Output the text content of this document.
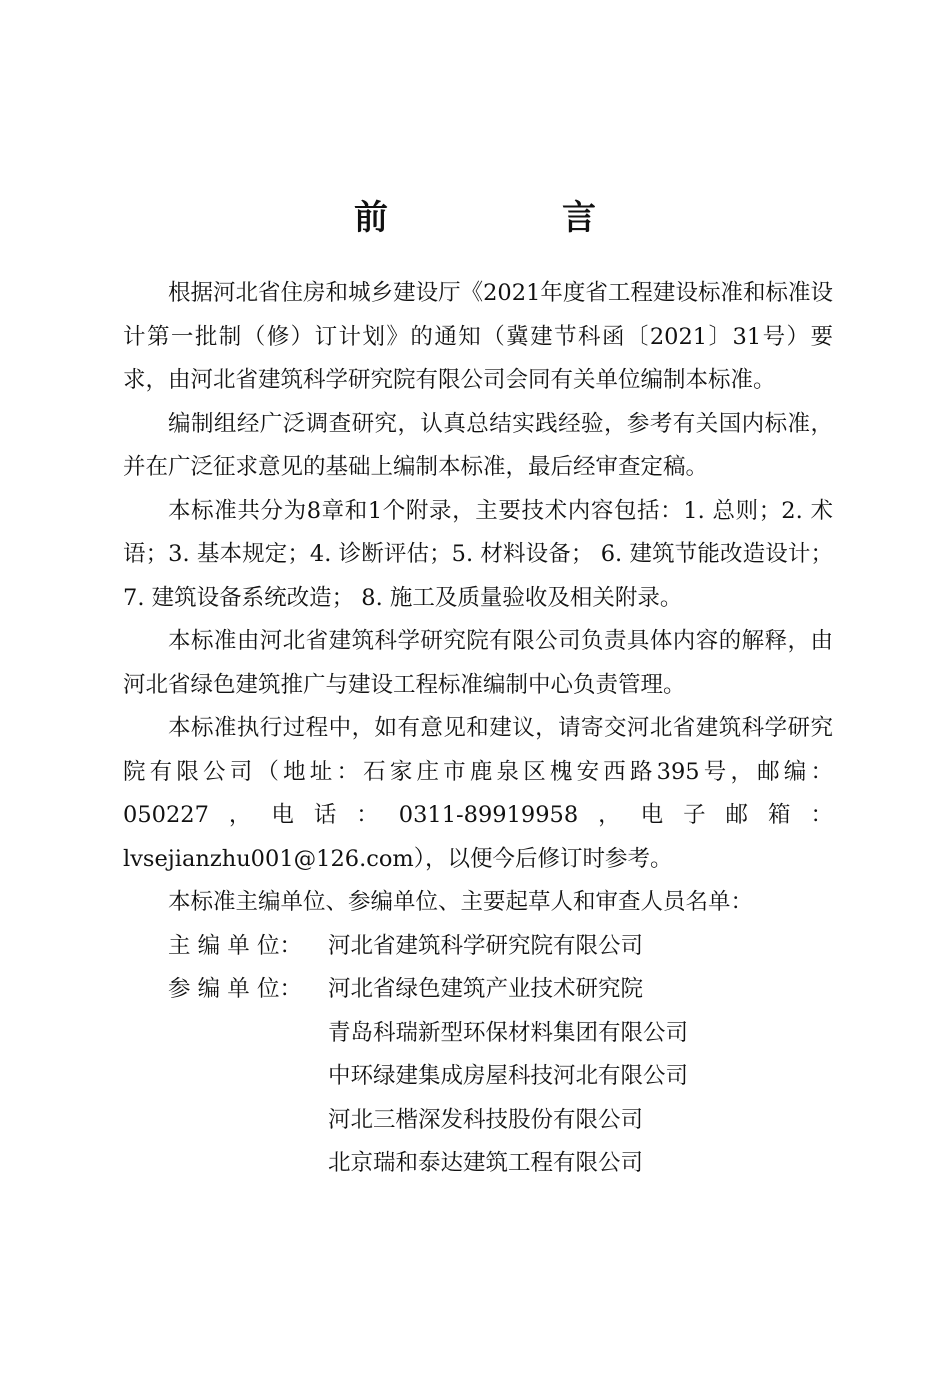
前　言

根据河北省住房和城乡建设厅《2021年度省工程建设标准和标准设计第一批制（修）订计划》的通知（冀建节科函〔2021〕31号）要求，由河北省建筑科学研究院有限公司会同有关单位编制本标准。

编制组经广泛调查研究，认真总结实践经验，参考有关国内标准，并在广泛征求意见的基础上编制本标准，最后经审查定稿。

本标准共分为8章和1个附录，主要技术内容包括：1. 总则；2. 术语；3. 基本规定；4. 诊断评估；5. 材料设备； 6. 建筑节能改造设计； 7. 建筑设备系统改造； 8. 施工及质量验收及相关附录。

本标准由河北省建筑科学研究院有限公司负责具体内容的解释，由河北省绿色建筑推广与建设工程标准编制中心负责管理。

本标准执行过程中，如有意见和建议，请寄交河北省建筑科学研究院有限公司（地址：石家庄市鹿泉区槐安西路395号，邮编：050227，电话：0311-89919958，电子邮箱：lvsejianzhu001@126.com），以便今后修订时参考。

本标准主编单位、参编单位、主要起草人和审查人员名单：

主 编 单 位：	河北省建筑科学研究院有限公司
参 编 单 位：	河北省绿色建筑产业技术研究院
青岛科瑞新型环保材料集团有限公司
中环绿建集成房屋科技河北有限公司
河北三楷深发科技股份有限公司
北京瑞和泰达建筑工程有限公司
